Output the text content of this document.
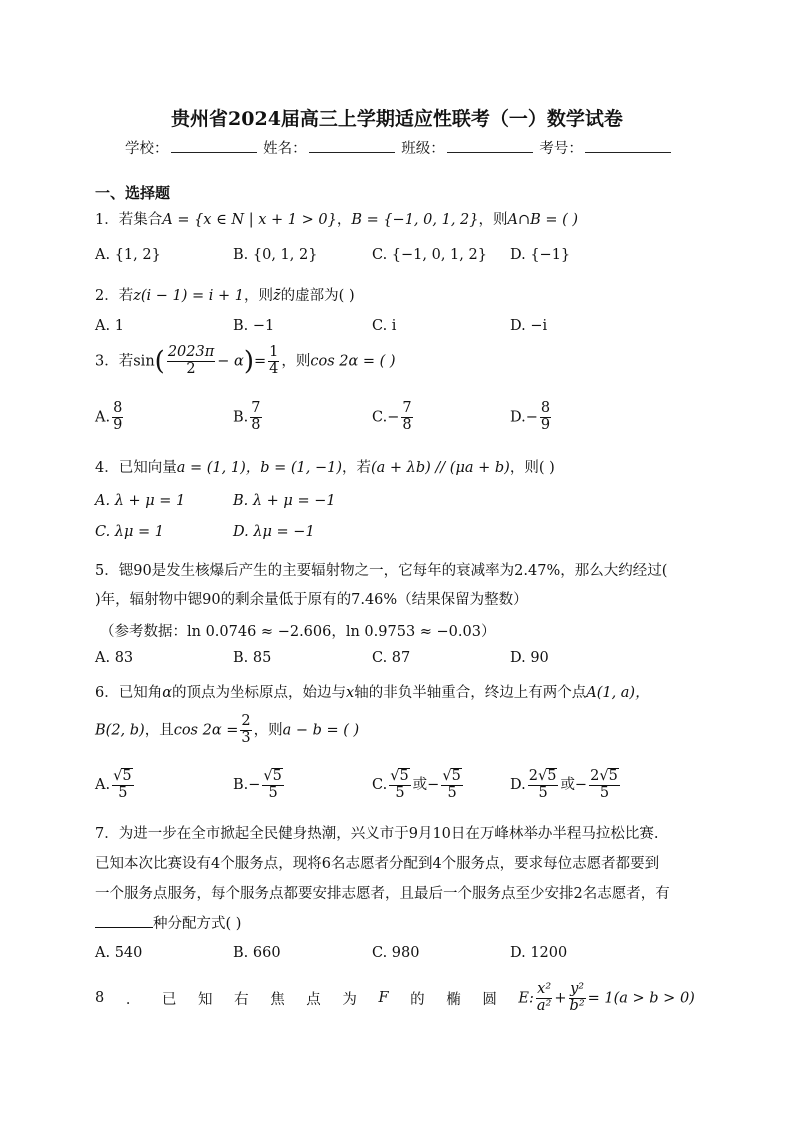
贵州省2024届高三上学期适应性联考（一）数学试卷
学校：	姓名：	班级：	考号：
一、选择题
1．若集合A = {x ∈ N | x + 1 > 0}，B = {−1, 0, 1, 2}，则A∩B = ( )
A. {1, 2}	B. {0, 1, 2}	C. {−1, 0, 1, 2} D. {−1}
2．若z(i − 1) = i + 1，则z̄的虚部为( )
A. 1	B. −1	C. i	D. −i
3．若$\sin( \frac{2023\pi}{2} - \alpha)= \frac{1}{4}$ ，则cos 2α = ( )
A. $\frac{8}{9}$	B. $\frac{7}{8}$	$C.- \frac{7}{8}$	$D.- \frac{8}{9}$
4．已知向量a = (1, 1)，b = (1, −1)，若(a + λb) // (μa + b)，则( )
A. λ + μ = 1	B. λ + μ = −1
C. λμ = 1	D. λμ = −1
5．锶90是发生核爆后产生的主要辐射物之一，它每年的衰减率为2.47%，那么大约经过(
)年，辐射物中锶90的剩余量低于原有的7.46%（结果保留为整数）
（参考数据：ln 0.0746 ≈ −2.606，ln 0.9753 ≈ −0.03）
A. 83	B. 85	C. 87	D. 90
6．已知角α的顶点为坐标原点，始边与x轴的非负半轴重合，终边上有两个点A(1, a)，
B(2, b)，且$\cos 2\alpha = \frac{2}{3}$ ，则a − b = ( )
A. $\frac{√5}{5}$	$B.- \frac{√5}{5}$	C. $\frac{√5}{5}$ 或− $\frac{√5}{5}$	D. $\frac{2√5}{5}$ 或− $\frac{2√5}{5}$
7．为进一步在全市掀起全民健身热潮，兴义市于9月10日在万峰林举办半程马拉松比赛.
已知本次比赛设有4个服务点，现将6名志愿者分配到4个服务点，要求每位志愿者都要到
一个服务点服务，每个服务点都要安排志愿者，且最后一个服务点至少安排2名志愿者，有
种分配方式( )
A. 540	B. 660	C. 980	D. 1200
8 ． 已 知 右 焦 点 为 F 的 椭 圆 E: $\frac{\text{x²}}{\text{a²}} + \frac{\text{y²}}{\text{b²}} = 1(a > b > 0)$
